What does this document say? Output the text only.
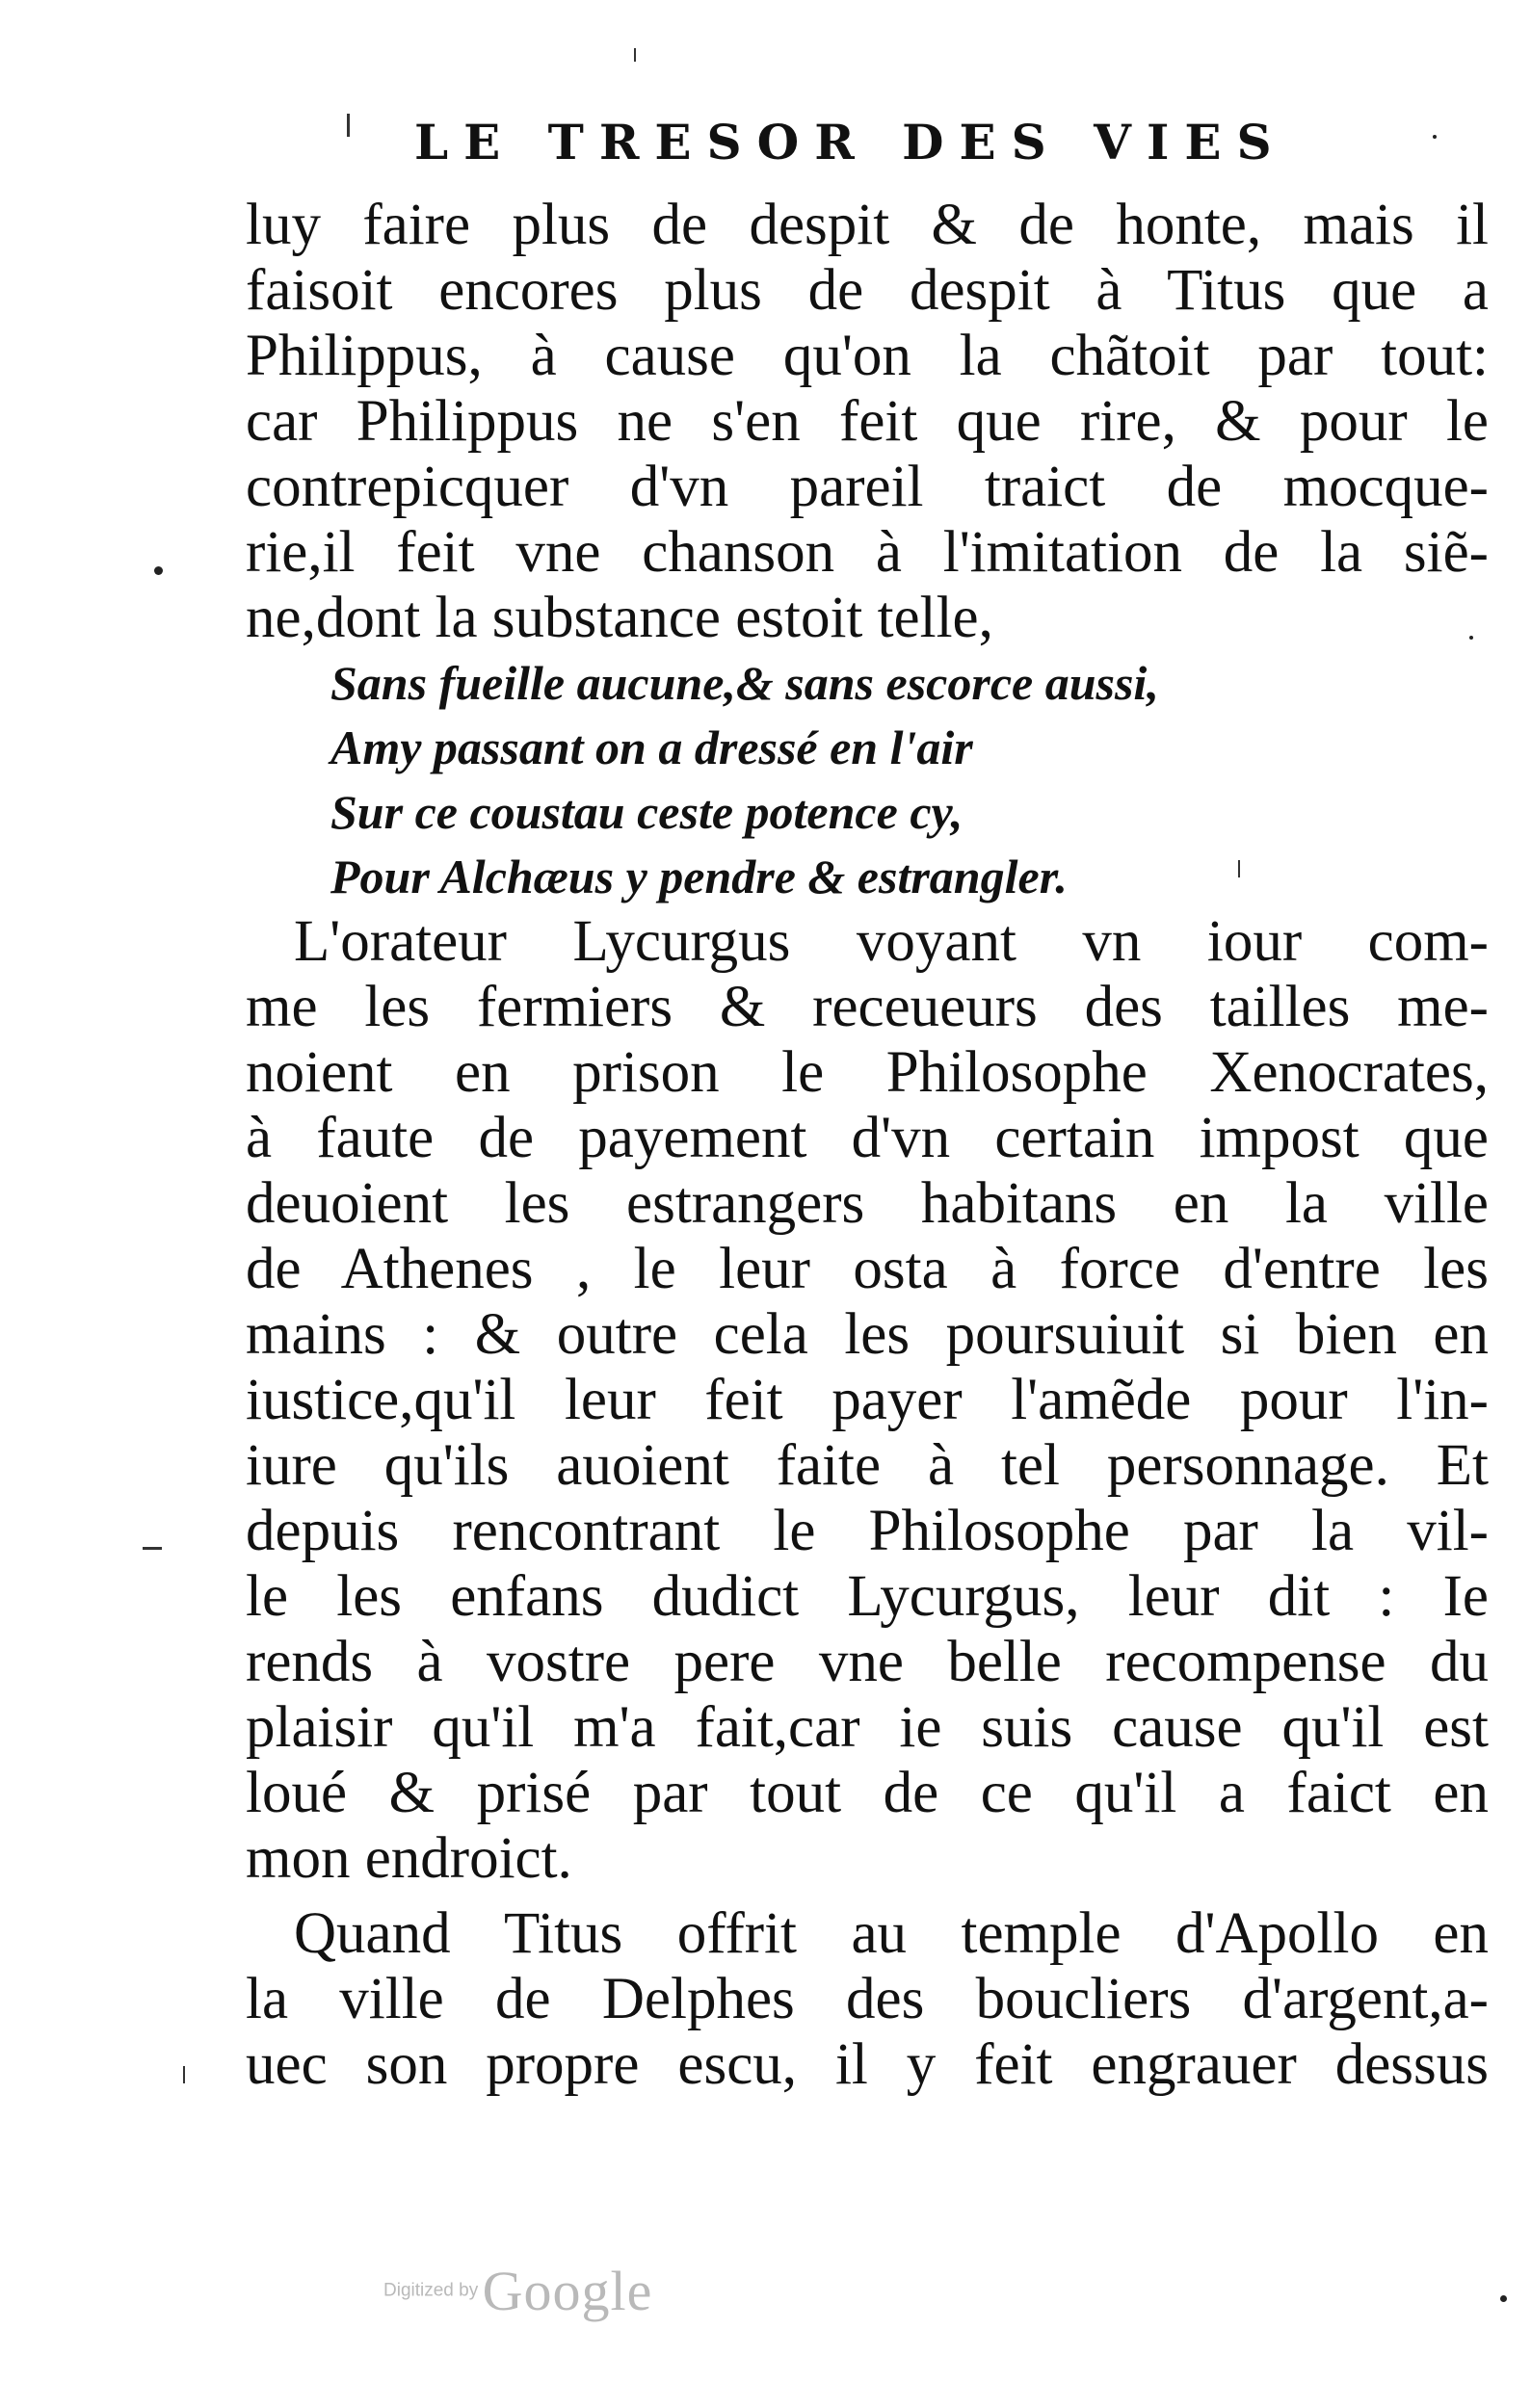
LE TRESOR DES VIES
luy faire plus de despit & de honte, mais il
faisoit encores plus de despit à Titus que a
Philippus, à cause qu'on la chãtoit par tout:
car Philippus ne s'en feit que rire, & pour le
contrepicquer d'vn pareil traict de mocque-
rie,il feit vne chanson à l'imitation de la siẽ-
ne,dont la substance estoit telle,
Sans fueille aucune,& sans escorce aussi,
Amy passant on a dressé en l'air
Sur ce coustau ceste potence cy,
Pour Alchæus y pendre & estrangler.
L'orateur Lycurgus voyant vn iour com-
me les fermiers & receueurs des tailles me-
noient en prison le Philosophe Xenocrates,
à faute de payement d'vn certain impost que
deuoient les estrangers habitans en la ville
de Athenes , le leur osta à force d'entre les
mains : & outre cela les poursuiuit si bien en
iustice,qu'il leur feit payer l'amẽde pour l'in-
iure qu'ils auoient faite à tel personnage. Et
depuis rencontrant le Philosophe par la vil-
le les enfans dudict Lycurgus, leur dit : Ie
rends à vostre pere vne belle recompense du
plaisir qu'il m'a fait,car ie suis cause qu'il est
loué & prisé par tout de ce qu'il a faict en
mon endroict.
Quand Titus offrit au temple d'Apollo en
la ville de Delphes des boucliers d'argent,a-
uec son propre escu, il y feit engrauer dessus
Digitized by Google
